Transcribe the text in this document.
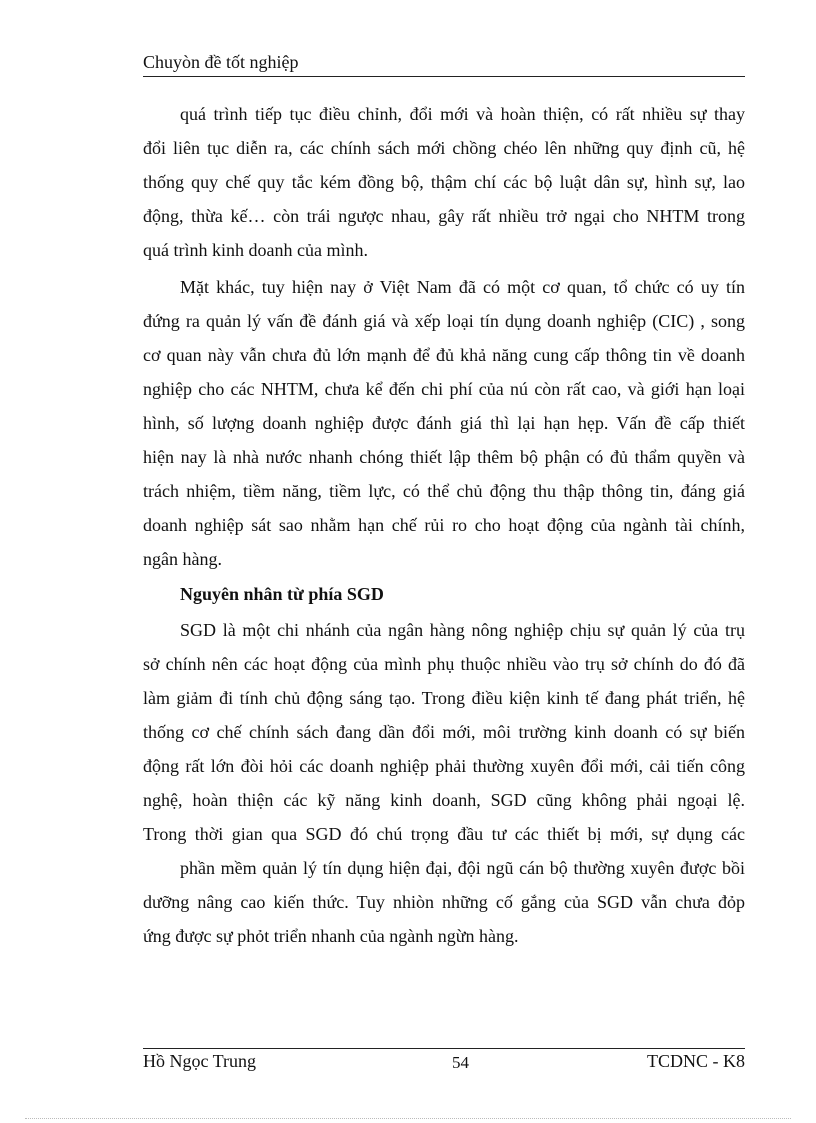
Chuyòn đề tốt nghiệp
quá trình tiếp tục điều chỉnh, đổi mới và hoàn thiện, có rất nhiều sự thay
đổi liên tục diễn ra, các chính sách mới chồng chéo lên những quy định cũ, hệ
thống quy chế quy tắc kém đồng bộ, thậm chí các bộ luật dân sự, hình sự, lao
động, thừa kế… còn trái ngược nhau, gây rất nhiều trở ngại cho NHTM trong
quá trình kinh doanh của mình.
Mặt khác, tuy hiện nay ở Việt Nam đã có một cơ quan, tổ chức có uy tín
đứng ra quản lý vấn đề đánh giá và xếp loại tín dụng doanh nghiệp (CIC) , song
cơ quan này vẫn chưa đủ lớn mạnh để đủ khả năng cung cấp thông tin về doanh
nghiệp cho các NHTM, chưa kể đến chi phí của nú còn rất cao, và giới hạn loại
hình, số lượng doanh nghiệp được đánh giá thì lại hạn hẹp. Vấn đề cấp thiết
hiện nay là nhà nước nhanh chóng thiết lập thêm bộ phận có đủ thẩm quyền và
trách nhiệm, tiềm năng, tiềm lực, có thể chủ động thu thập thông tin, đáng giá
doanh nghiệp sát sao nhằm hạn chế rủi ro cho hoạt động của ngành tài chính,
ngân hàng.
Nguyên nhân từ phía SGD
SGD là một chi nhánh của ngân hàng nông nghiệp chịu sự quản lý của trụ
sở chính nên các hoạt động của mình phụ thuộc nhiều vào trụ sở chính do đó đã
làm giảm đi tính chủ động sáng tạo. Trong điều kiện kinh tế đang phát triển, hệ
thống cơ chế chính sách đang dần đổi mới, môi trường kinh doanh có sự biến
động rất lớn đòi hỏi các doanh nghiệp phải thường xuyên đổi mới, cải tiến công
nghệ, hoàn thiện các kỹ năng kinh doanh, SGD cũng không phải ngoại lệ.
Trong thời gian qua SGD đó chú trọng đầu tư các thiết bị mới, sự dụng các
phần mềm quản lý tín dụng hiện đại, đội ngũ cán bộ thường xuyên được bồi
dưỡng nâng cao kiến thức. Tuy nhiòn những cố gắng của SGD vẫn chưa đỏp
ứng được sự phỏt triển nhanh của ngành ngừn hàng.
Hồ Ngọc Trung	54	TCDNC - K8
